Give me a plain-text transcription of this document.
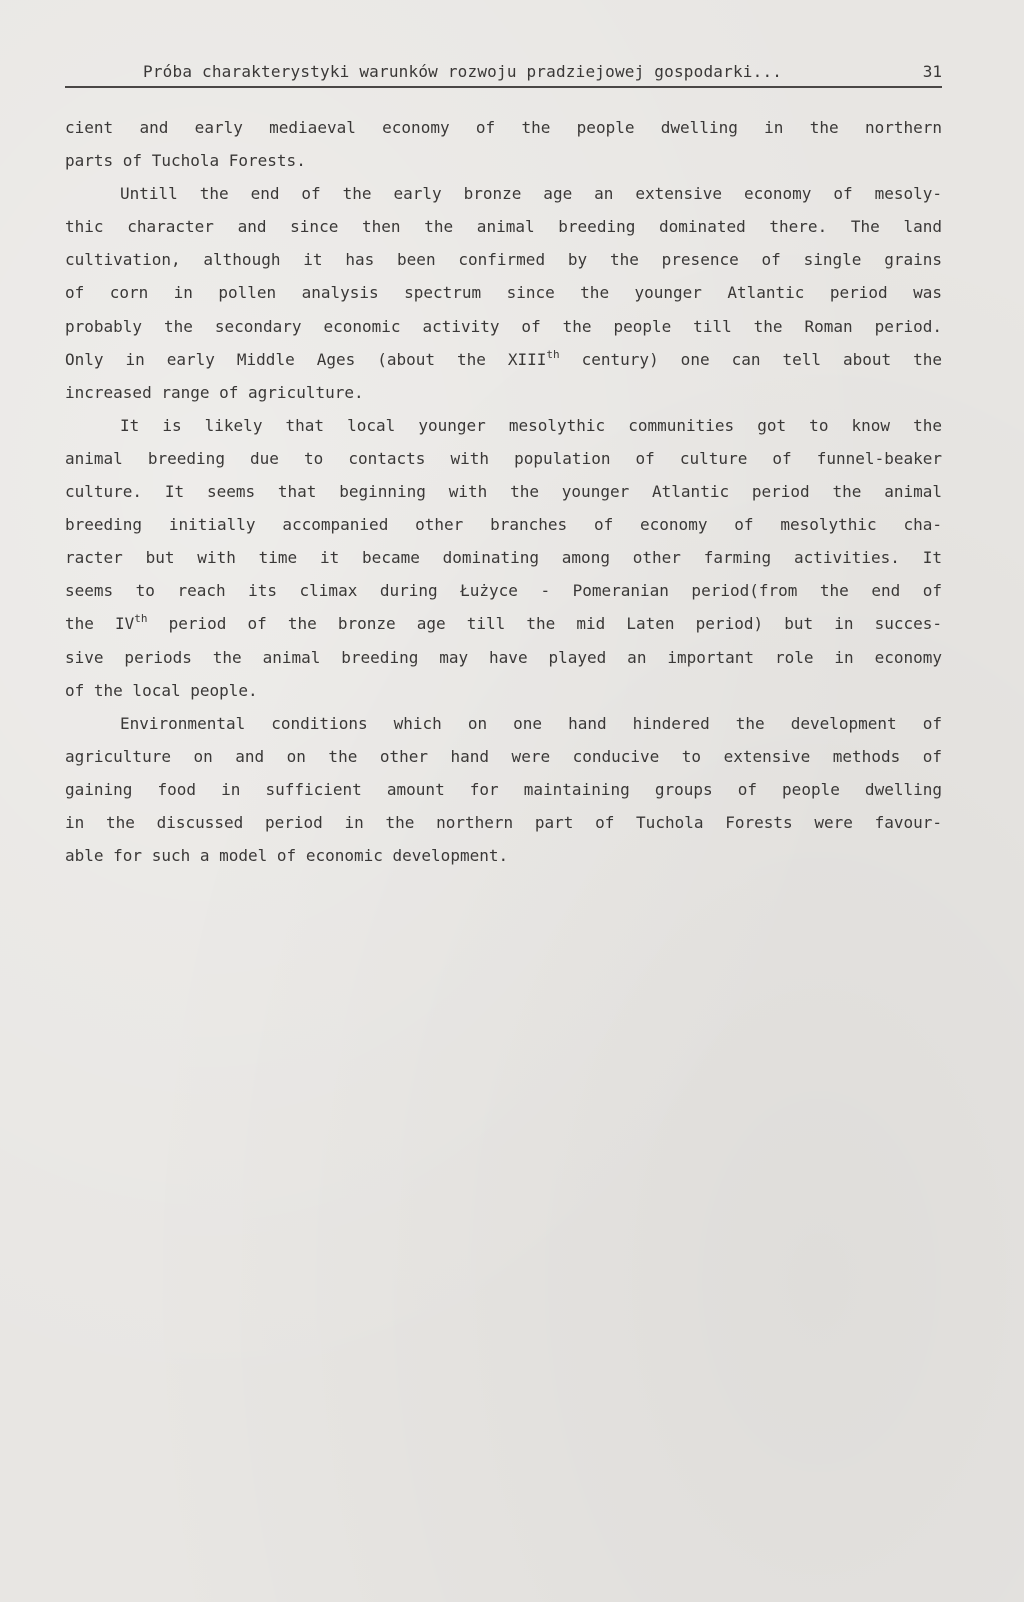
Próba charakterystyki warunków rozwoju pradziejowej gospodarki...	31
cient and early mediaeval economy of the people dwelling in the northern
parts of Tuchola Forests.
Untill the end of the early bronze age an extensive economy of mesoly-
thic character and since then the animal breeding dominated there. The land
cultivation, although it has been confirmed by the presence of single grains
of corn in pollen analysis spectrum since the younger Atlantic period was
probably the secondary economic activity of the people till the Roman period.
Only in early Middle Ages (about the XIIIth century) one can tell about the
increased range of agriculture.
It is likely that local younger mesolythic communities got to know the
animal breeding due to contacts with population of culture of funnel-beaker
culture. It seems that beginning with the younger Atlantic period the animal
breeding initially accompanied other branches of economy of mesolythic cha-
racter but with time it became dominating among other farming activities. It
seems to reach its climax during Łużyce - Pomeranian period(from the end of
the IVth period of the bronze age till the mid Laten period) but in succes-
sive periods the animal breeding may have played an important role in economy
of the local people.
Environmental conditions which on one hand hindered the development of
agriculture on and on the other hand were conducive to extensive methods of
gaining food in sufficient amount for maintaining groups of people dwelling
in the discussed period in the northern part of Tuchola Forests were favour-
able for such a model of economic development.
